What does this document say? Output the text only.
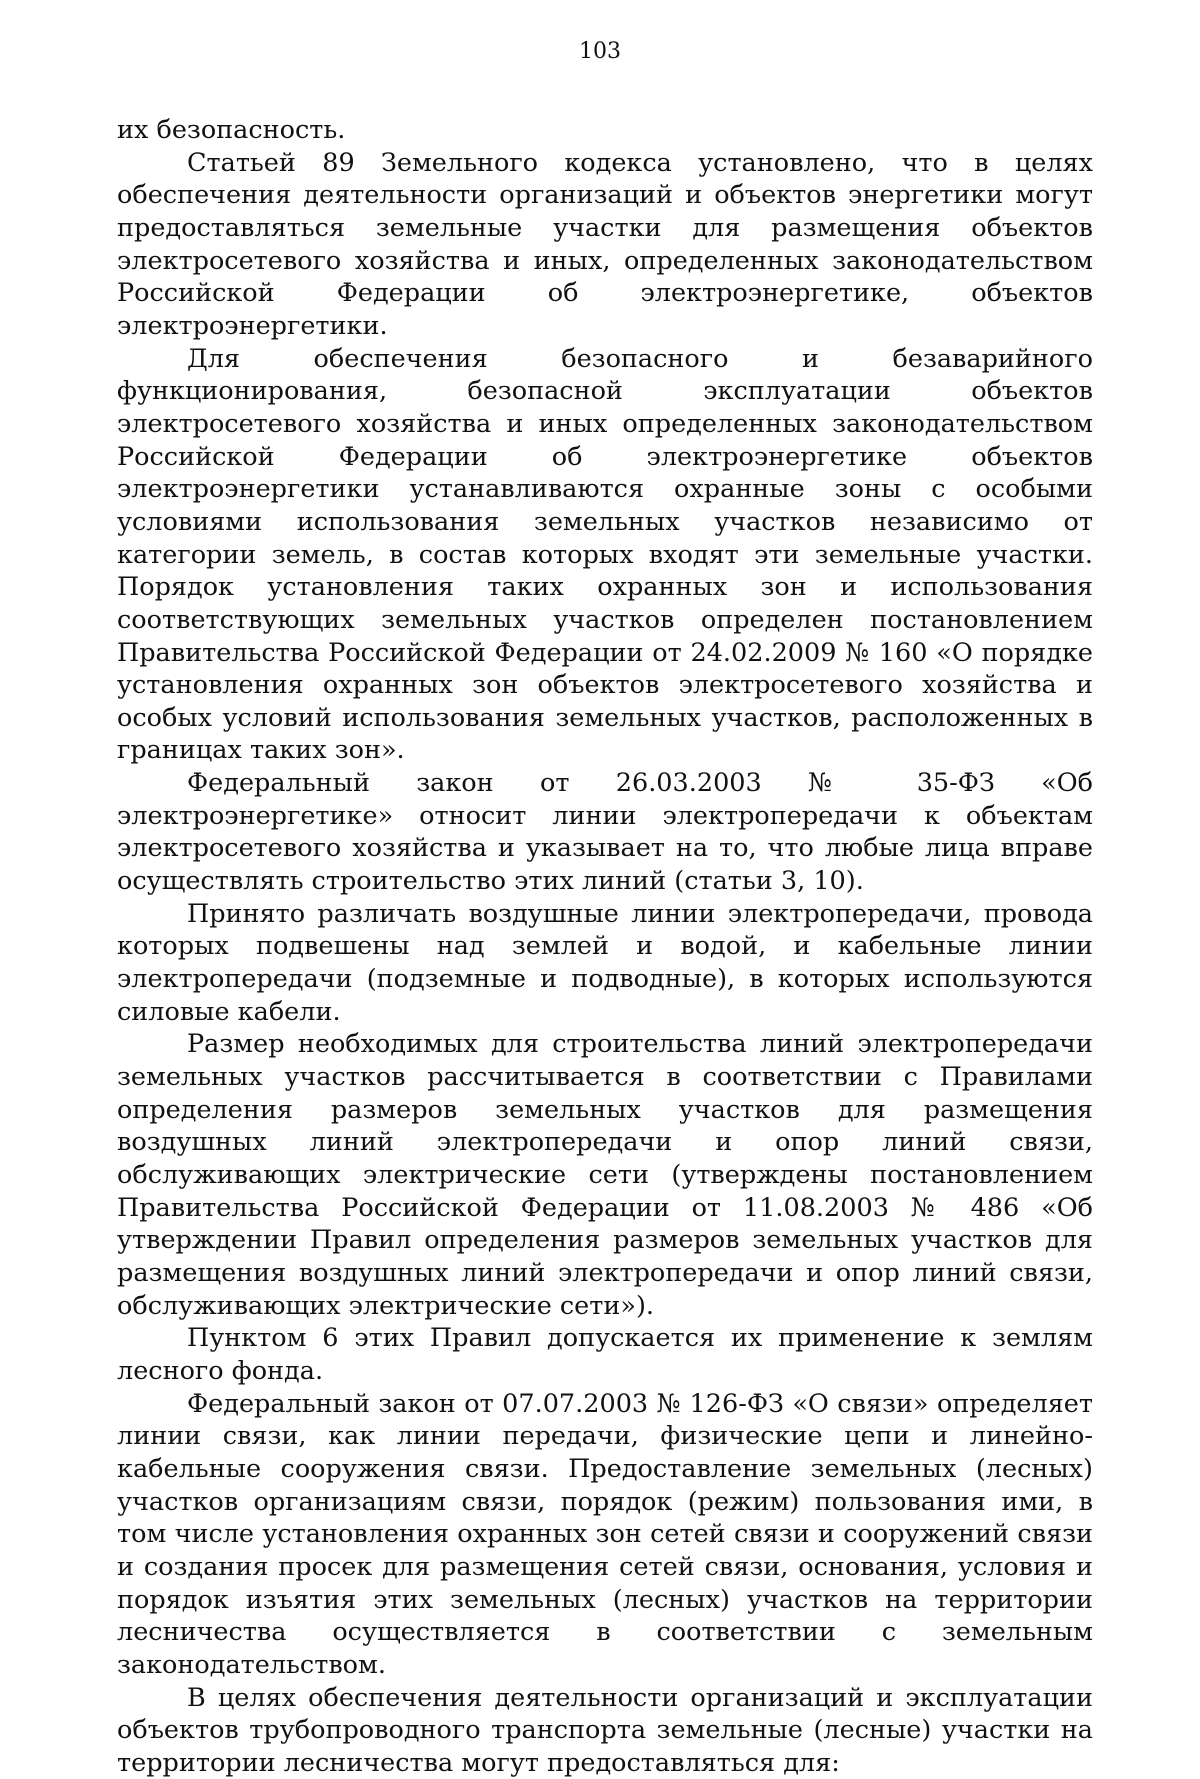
103

их безопасность.

Статьей 89 Земельного кодекса установлено, что в целях обеспечения деятельности организаций и объектов энергетики могут предоставляться земельные участки для размещения объектов электросетевого хозяйства и иных, определенных законодательством Российской Федерации об электроэнергетике, объектов электроэнергетики.

Для обеспечения безопасного и безаварийного функционирования, безопасной эксплуатации объектов электросетевого хозяйства и иных определенных законодательством Российской Федерации об электроэнергетике объектов электроэнергетики устанавливаются охранные зоны с особыми условиями использования земельных участков независимо от категории земель, в состав которых входят эти земельные участки. Порядок установления таких охранных зон и использования соответствующих земельных участков определен постановлением Правительства Российской Федерации от 24.02.2009 № 160 «О порядке установления охранных зон объектов электросетевого хозяйства и особых условий использования земельных участков, расположенных в границах таких зон».

Федеральный закон от 26.03.2003 № 35-ФЗ «Об электроэнергетике» относит линии электропередачи к объектам электросетевого хозяйства и указывает на то, что любые лица вправе осуществлять строительство этих линий (статьи 3, 10).

Принято различать воздушные линии электропередачи, провода которых подвешены над землей и водой, и кабельные линии электропередачи (подземные и подводные), в которых используются силовые кабели.

Размер необходимых для строительства линий электропередачи земельных участков рассчитывается в соответствии с Правилами определения размеров земельных участков для размещения воздушных линий электропередачи и опор линий связи, обслуживающих электрические сети (утверждены постановлением Правительства Российской Федерации от 11.08.2003 № 486 «Об утверждении Правил определения размеров земельных участков для размещения воздушных линий электропередачи и опор линий связи, обслуживающих электрические сети»).

Пунктом 6 этих Правил допускается их применение к землям лесного фонда.

Федеральный закон от 07.07.2003 № 126-ФЗ «О связи» определяет линии связи, как линии передачи, физические цепи и линейно-кабельные сооружения связи. Предоставление земельных (лесных) участков организациям связи, порядок (режим) пользования ими, в том числе установления охранных зон сетей связи и сооружений связи и создания просек для размещения сетей связи, основания, условия и порядок изъятия этих земельных (лесных) участков на территории лесничества осуществляется в соответствии с земельным законодательством.

В целях обеспечения деятельности организаций и эксплуатации объектов трубопроводного транспорта земельные (лесные) участки на территории лесничества могут предоставляться для:
